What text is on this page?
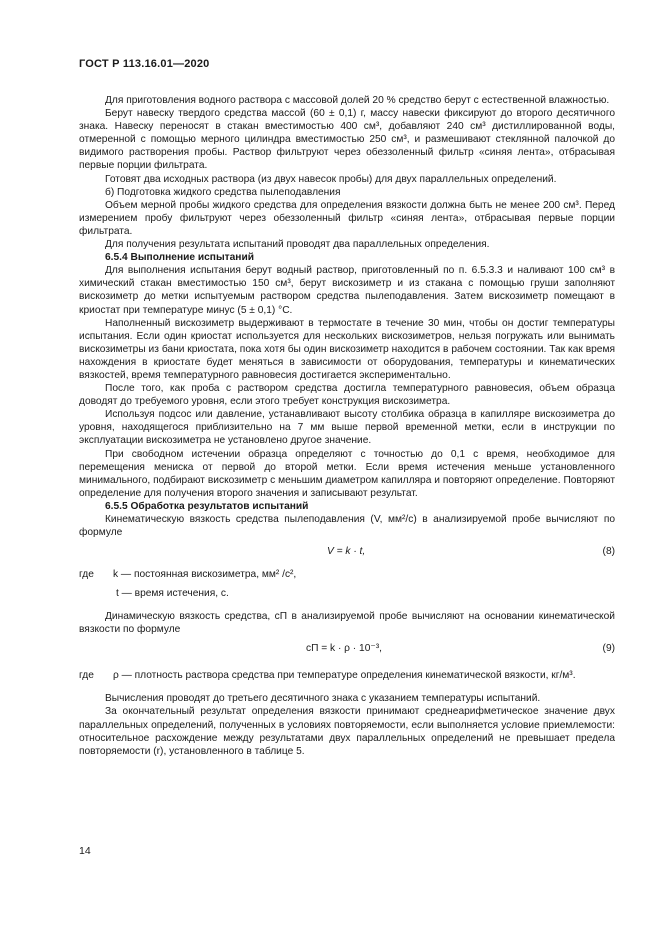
ГОСТ Р 113.16.01—2020

Для приготовления водного раствора с массовой долей 20 % средство берут с естественной влажностью.

Берут навеску твердого средства массой (60 ± 0,1) г, массу навески фиксируют до второго десятичного знака. Навеску переносят в стакан вместимостью 400 см³, добавляют 240 см³ дистиллированной воды, отмеренной с помощью мерного цилиндра вместимостью 250 см³, и размешивают стеклянной палочкой до видимого растворения пробы. Раствор фильтруют через обеззоленный фильтр «синяя лента», отбрасывая первые порции фильтрата.

Готовят два исходных раствора (из двух навесок пробы) для двух параллельных определений.

б) Подготовка жидкого средства пылеподавления

Объем мерной пробы жидкого средства для определения вязкости должна быть не менее 200 см³. Перед измерением пробу фильтруют через обеззоленный фильтр «синяя лента», отбрасывая первые порции фильтрата.

Для получения результата испытаний проводят два параллельных определения.

6.5.4 Выполнение испытаний

Для выполнения испытания берут водный раствор, приготовленный по п. 6.5.3.3 и наливают 100 см³ в химический стакан вместимостью 150 см³, берут вискозиметр и из стакана с помощью груши заполняют вискозиметр до метки испытуемым раствором средства пылеподавления. Затем вискозиметр помещают в криостат при температуре минус (5 ± 0,1) °С.

Наполненный вискозиметр выдерживают в термостате в течение 30 мин, чтобы он достиг температуры испытания. Если один криостат используется для нескольких вискозиметров, нельзя погружать или вынимать вискозиметры из бани криостата, пока хотя бы один вискозиметр находится в рабочем состоянии. Так как время нахождения в криостате будет меняться в зависимости от оборудования, температуры и кинематических вязкостей, время температурного равновесия достигается экспериментально.

После того, как проба с раствором средства достигла температурного равновесия, объем образца доводят до требуемого уровня, если этого требует конструкция вискозиметра.

Используя подсос или давление, устанавливают высоту столбика образца в капилляре вискозиметра до уровня, находящегося приблизительно на 7 мм выше первой временной метки, если в инструкции по эксплуатации вискозиметра не установлено другое значение.

При свободном истечении образца определяют с точностью до 0,1 с время, необходимое для перемещения мениска от первой до второй метки. Если время истечения меньше установленного минимального, подбирают вискозиметр с меньшим диаметром капилляра и повторяют определение. Повторяют определение для получения второго значения и записывают результат.

6.5.5 Обработка результатов испытаний

Кинематическую вязкость средства пылеподавления (V, мм²/с) в анализируемой пробе вычисляют по формуле

V = k · t,	(8)
где k — постоянная вискозиметра, мм² /с²,
t — время истечения, с.

Динамическую вязкость средства, сП в анализируемой пробе вычисляют на основании кинематической вязкости по формуле

сП = k · ρ · 10⁻³,	(9)
где ρ — плотность раствора средства при температуре определения кинематической вязкости, кг/м³.

Вычисления проводят до третьего десятичного знака с указанием температуры испытаний.

За окончательный результат определения вязкости принимают среднеарифметическое значение двух параллельных определений, полученных в условиях повторяемости, если выполняется условие приемлемости: относительное расхождение между результатами двух параллельных определений не превышает предела повторяемости (r), установленного в таблице 5.

14
